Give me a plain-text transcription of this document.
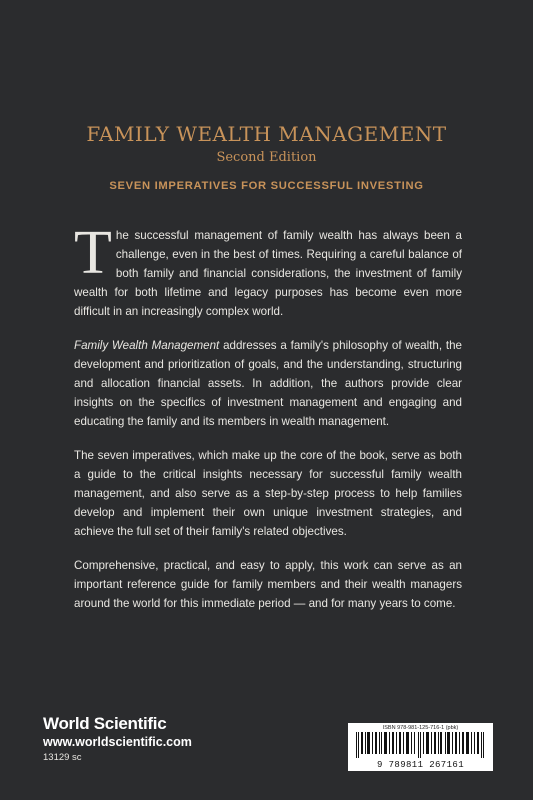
FAMILY WEALTH MANAGEMENT
Second Edition
SEVEN IMPERATIVES FOR SUCCESSFUL INVESTING

The successful management of family wealth has always been a challenge, even in the best of times. Requiring a careful balance of both family and financial considerations, the investment of family wealth for both lifetime and legacy purposes has become even more difficult in an increasingly complex world.

Family Wealth Management addresses a family's philosophy of wealth, the development and prioritization of goals, and the understanding, structuring and allocation financial assets. In addition, the authors provide clear insights on the specifics of investment management and engaging and educating the family and its members in wealth management.

The seven imperatives, which make up the core of the book, serve as both a guide to the critical insights necessary for successful family wealth management, and also serve as a step-by-step process to help families develop and implement their own unique investment strategies, and achieve the full set of their family's related objectives.

Comprehensive, practical, and easy to apply, this work can serve as an important reference guide for family members and their wealth managers around the world for this immediate period — and for many years to come.

World Scientific
www.worldscientific.com
13129 sc
ISBN 978-981-125-716-1 (pbk)
9 789811 267161
